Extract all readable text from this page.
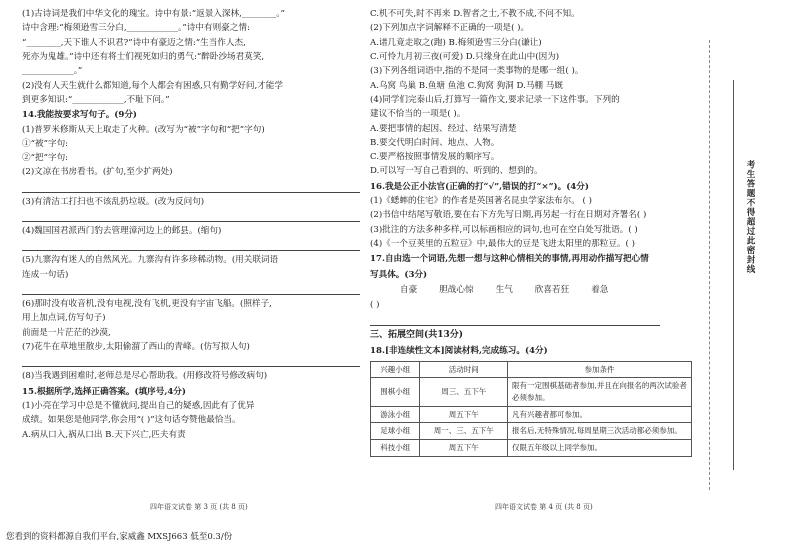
(1)古诗词是我们中华文化的瑰宝。诗中有景:“返景入深林,________。”

诗中含理:“梅须逊雪三分白,____________。”诗中有则豪之情:

“________,天下谁人不识君?”诗中有豪迈之情:“生当作人杰,

死亦为鬼雄。”诗中还有将士们视死如归的勇气:“醉卧沙场君莫笑,

____________。”

(2)没有人天生就什么都知道,每个人都会有困惑,只有勤学好问,才能学

到更多知识:“____________,不耻下问。”

14.我能按要求写句子。(9分)

(1)普罗米修斯从天上取走了火种。(改写为“被”字句和“把”字句)

①“被”字句:

②“把”字句:

(2)文凉在书房看书。(扩句,至少扩两处)

(3)有清洁工打扫也不该乱扔垃圾。(改为反问句)

(4)魏国国君派西门豹去管理漳河边上的邺县。(缩句)

(5)九寨沟有迷人的自然风光。九寨沟有许多珍稀动物。(用关联词语

连成一句话)

(6)那时没有收音机,没有电视,没有飞机,更没有宇宙飞船。(照样子,

用上加点词,仿写句子)

前面是一片茫茫的沙漠,

(7)花牛在草地里散步,太阳偷溜了西山的青峰。(仿写拟人句)

(8)当我遇到困难时,老师总是尽心帮助我。(用修改符号修改病句)

15.根据所学,选择正确答案。(填序号,4分)

(1)小亮在学习中总是不懂就问,提出自己的疑惑,因此有了优异

成绩。如果您是他同学,你会用“( )”这句话夸赞他最恰当。

A.病从口入,祸从口出 B.天下兴亡,匹夫有责

C.机不可失,时不再来 D.智者之士,不教不成,不问不知。

(2)下列加点字词解释不正确的一项是( )。

A.诸几竟走取之(跑) B.梅须逊雪三分白(谦让)

C.可怜九月初三夜(可爱) D.只缘身在此山中(因为)

(3)下列各组词语中,指的不是同一类事物的是哪一组( )。

A.乌窝 鸟巢 B.鱼塘 鱼池 C.狗窝 狗洞 D.马棚 马厩

(4)同学们完泰山后,打算写一篇作文,要求记录一下这件事。下列的

建议不恰当的一项是( )。

A.要把事情的起因、经过、结果写清楚

B.要交代明白时间、地点、人物。

C.要严格按照事情发展的顺序写。

D.可以写一写自己看到的、听到的、想到的。

16.我是公正小法官(正确的打“√”,错误的打“×”)。(4分)

(1)《蟋蟀的住宅》的作者是英国著名昆虫学家法布尔。 ( )

(2)书信中结尾写敬语,要在右下方先写日期,再另起一行在日期对齐署名( )

(3)批注的方法多种多样,可以标画相应的词句,也可在空白处写批语。( )

(4)《一个豆荚里的五粒豆》中,最伟大的豆是飞进太阳里的那粒豆。( )

17.自由选一个词语,先想一想与这种心情相关的事情,再用动作描写把心情

写具体。(3分)

自豪	胆战心惊	生气	欣喜若狂	着急

( )

三、拓展空间(共13分)

18.[非连续性文本]阅读材料,完成练习。(4分)

兴趣小组	活动时间	参加条件
围棋小组	周三、五下午	限有一定围棋基础者参加,并且在向报名的两次试验者必须参加。
游泳小组	周五下午	凡有兴趣者都可参加。
足球小组	周一、三、五下午	报名后,无特殊情况,每周星期三次活动都必须参加。
科技小组	周五下午	仅限五年级以上同学参加。
考生答题不得超过此密封线
四年语文试卷 第 3 页 (共 8 页)	四年语文试卷 第 4 页 (共 8 页)
您看到的资料都源自我们平台,家威鑫 MXSJ663 低至0.3/份
